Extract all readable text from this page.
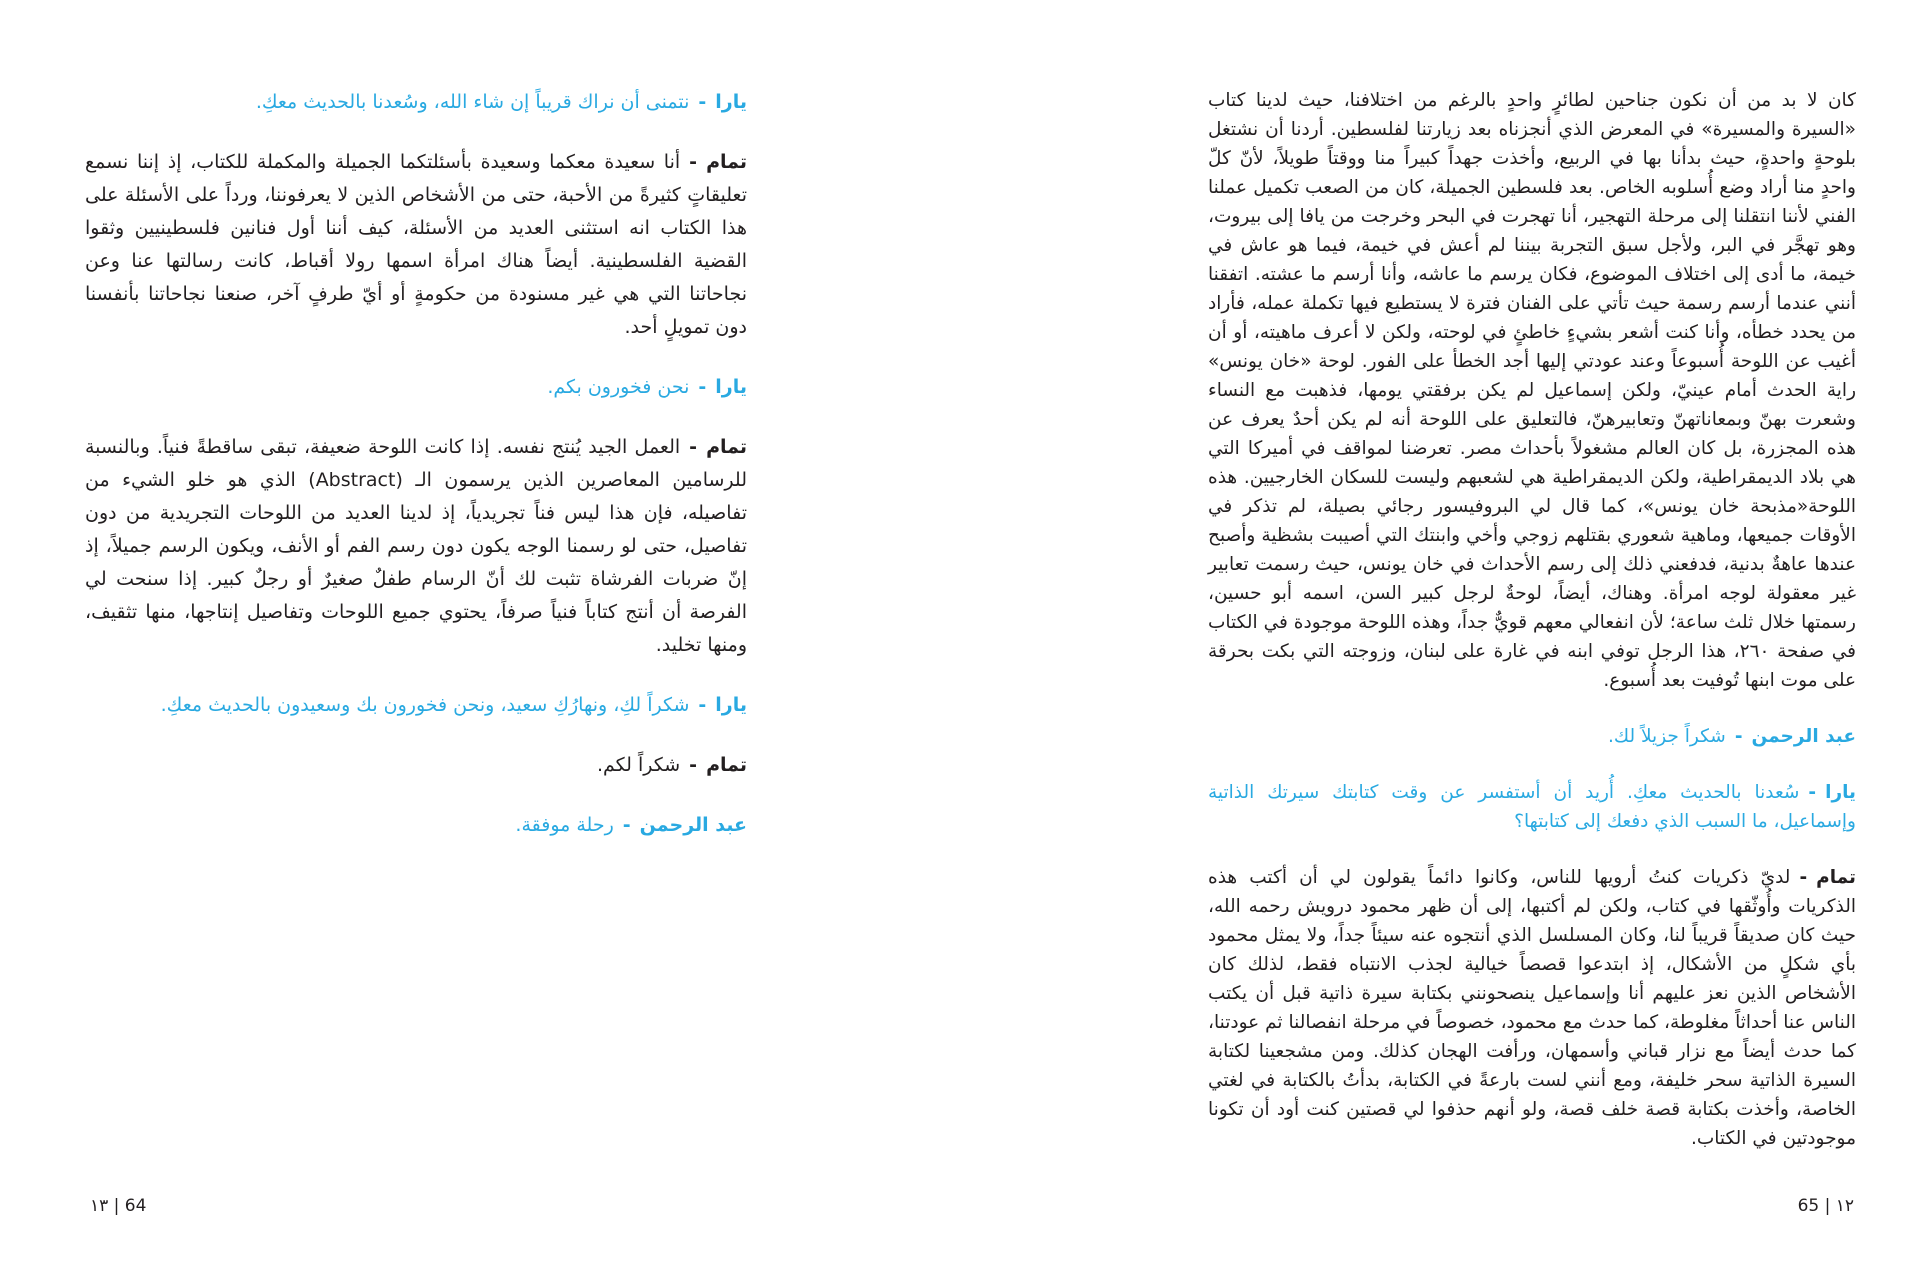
يارا-نتمنى أن نراك قريباً إن شاء الله، وسُعدنا بالحديث معكِ.
تمام-أنا سعيدة معكما وسعيدة بأسئلتكما الجميلة والمكملة للكتاب، إذ إننا نسمع تعليقاتٍ كثيرةً من الأحبة، حتى من الأشخاص الذين لا يعرفوننا، ورداً على الأسئلة على هذا الكتاب انه استثنى العديد من الأسئلة، كيف أننا أول فنانين فلسطينيين وثقوا القضية الفلسطينية. أيضاً هناك امرأة اسمها رولا أقباط، كانت رسالتها عنا وعن نجاحاتنا التي هي غير مسنودة من حكومةٍ أو أيّ طرفٍ آخر، صنعنا نجاحاتنا بأنفسنا دون تمويلٍ أحد.
يارا-نحن فخورون بكم.
تمام-العمل الجيد يُنتج نفسه. إذا كانت اللوحة ضعيفة، تبقى ساقطةً فنياً. وبالنسبة للرسامين المعاصرين الذين يرسمون الـ (Abstract) الذي هو خلو الشيء من تفاصيله، فإن هذا ليس فناً تجريدياً، إذ لدينا العديد من اللوحات التجريدية من دون تفاصيل، حتى لو رسمنا الوجه يكون دون رسم الفم أو الأنف، ويكون الرسم جميلاً، إذ إنّ ضربات الفرشاة تثبت لك أنّ الرسام طفلٌ صغيرٌ أو رجلٌ كبير. إذا سنحت لي الفرصة أن أنتج كتاباً فنياً صرفاً، يحتوي جميع اللوحات وتفاصيل إنتاجها، منها تثقيف، ومنها تخليد.
يارا-شكراً لكِ، ونهارُكِ سعيد، ونحن فخورون بك وسعيدون بالحديث معكِ.
تمام-شكراً لكم.
عبد الرحمن-رحلة موفقة.
كان لا بد من أن نكون جناحين لطائرٍ واحدٍ بالرغم من اختلافنا، حيث لدينا كتاب «السيرة والمسيرة» في المعرض الذي أنجزناه بعد زيارتنا لفلسطين. أردنا أن نشتغل بلوحةٍ واحدةٍ، حيث بدأنا بها في الربيع، وأخذت جهداً كبيراً منا ووقتاً طويلاً، لأنّ كلّ واحدٍ منا أراد وضع أُسلوبه الخاص. بعد فلسطين الجميلة، كان من الصعب تكميل عملنا الفني لأننا انتقلنا إلى مرحلة التهجير، أنا تهجرت في البحر وخرجت من يافا إلى بيروت، وهو تهجَّر في البر، ولأجل سبق التجربة بيننا لم أعش في خيمة، فيما هو عاش في خيمة، ما أدى إلى اختلاف الموضوع، فكان يرسم ما عاشه، وأنا أرسم ما عشته. اتفقنا أنني عندما أرسم رسمة حيث تأتي على الفنان فترة لا يستطيع فيها تكملة عمله، فأراد من يحدد خطأه، وأنا كنت أشعر بشيءٍ خاطئٍ في لوحته، ولكن لا أعرف ماهيته، أو أن أغيب عن اللوحة أُسبوعاً وعند عودتي إليها أجد الخطأ على الفور. لوحة «خان يونس» راية الحدث أمام عينيّ، ولكن إسماعيل لم يكن برفقتي يومها، فذهبت مع النساء وشعرت بهنّ وبمعاناتهنّ وتعابيرهنّ، فالتعليق على اللوحة أنه لم يكن أحدٌ يعرف عن هذه المجزرة، بل كان العالم مشغولاً بأحداث مصر. تعرضنا لمواقف في أميركا التي هي بلاد الديمقراطية، ولكن الديمقراطية هي لشعبهم وليست للسكان الخارجيين. هذه اللوحة«مذبحة خان يونس»، كما قال لي البروفيسور رجائي بصيلة، لم تذكر في الأوقات جميعها، وماهية شعوري بقتلهم زوجي وأخي وابنتك التي أصيبت بشظية وأصبح عندها عاهةٌ بدنية، فدفعني ذلك إلى رسم الأحداث في خان يونس، حيث رسمت تعابير غير معقولة لوجه امرأة. وهناك، أيضاً، لوحةٌ لرجل كبير السن، اسمه أبو حسين، رسمتها خلال ثلث ساعة؛ لأن انفعالي معهم قويٌّ جداً، وهذه اللوحة موجودة في الكتاب في صفحة ٢٦٠، هذا الرجل توفي ابنه في غارة على لبنان، وزوجته التي بكت بحرقة على موت ابنها تُوفيت بعد أُسبوع.
عبد الرحمن-شكراً جزيلاً لك.
يارا-سُعدنا بالحديث معكِ. أُريد أن أستفسر عن وقت كتابتك سيرتك الذاتية وإسماعيل، ما السبب الذي دفعك إلى كتابتها؟
تمام-لديّ ذكريات كنتُ أرويها للناس، وكانوا دائماً يقولون لي أن أكتب هذه الذكريات وأُوثّقها في كتاب، ولكن لم أكتبها، إلى أن ظهر محمود درويش رحمه الله، حيث كان صديقاً قريباً لنا، وكان المسلسل الذي أنتجوه عنه سيئاً جداً، ولا يمثل محمود بأي شكلٍ من الأشكال، إذ ابتدعوا قصصاً خيالية لجذب الانتباه فقط، لذلك كان الأشخاص الذين نعز عليهم أنا وإسماعيل ينصحونني بكتابة سيرة ذاتية قبل أن يكتب الناس عنا أحداثاً مغلوطة، كما حدث مع محمود، خصوصاً في مرحلة انفصالنا ثم عودتنا، كما حدث أيضاً مع نزار قباني وأسمهان، ورأفت الهجان كذلك. ومن مشجعينا لكتابة السيرة الذاتية سحر خليفة، ومع أنني لست بارعةً في الكتابة، بدأتُ بالكتابة في لغتي الخاصة، وأخذت بكتابة قصة خلف قصة، ولو أنهم حذفوا لي قصتين كنت أود أن تكونا موجودتين في الكتاب.
١٣ | 64	65 | ١٢
